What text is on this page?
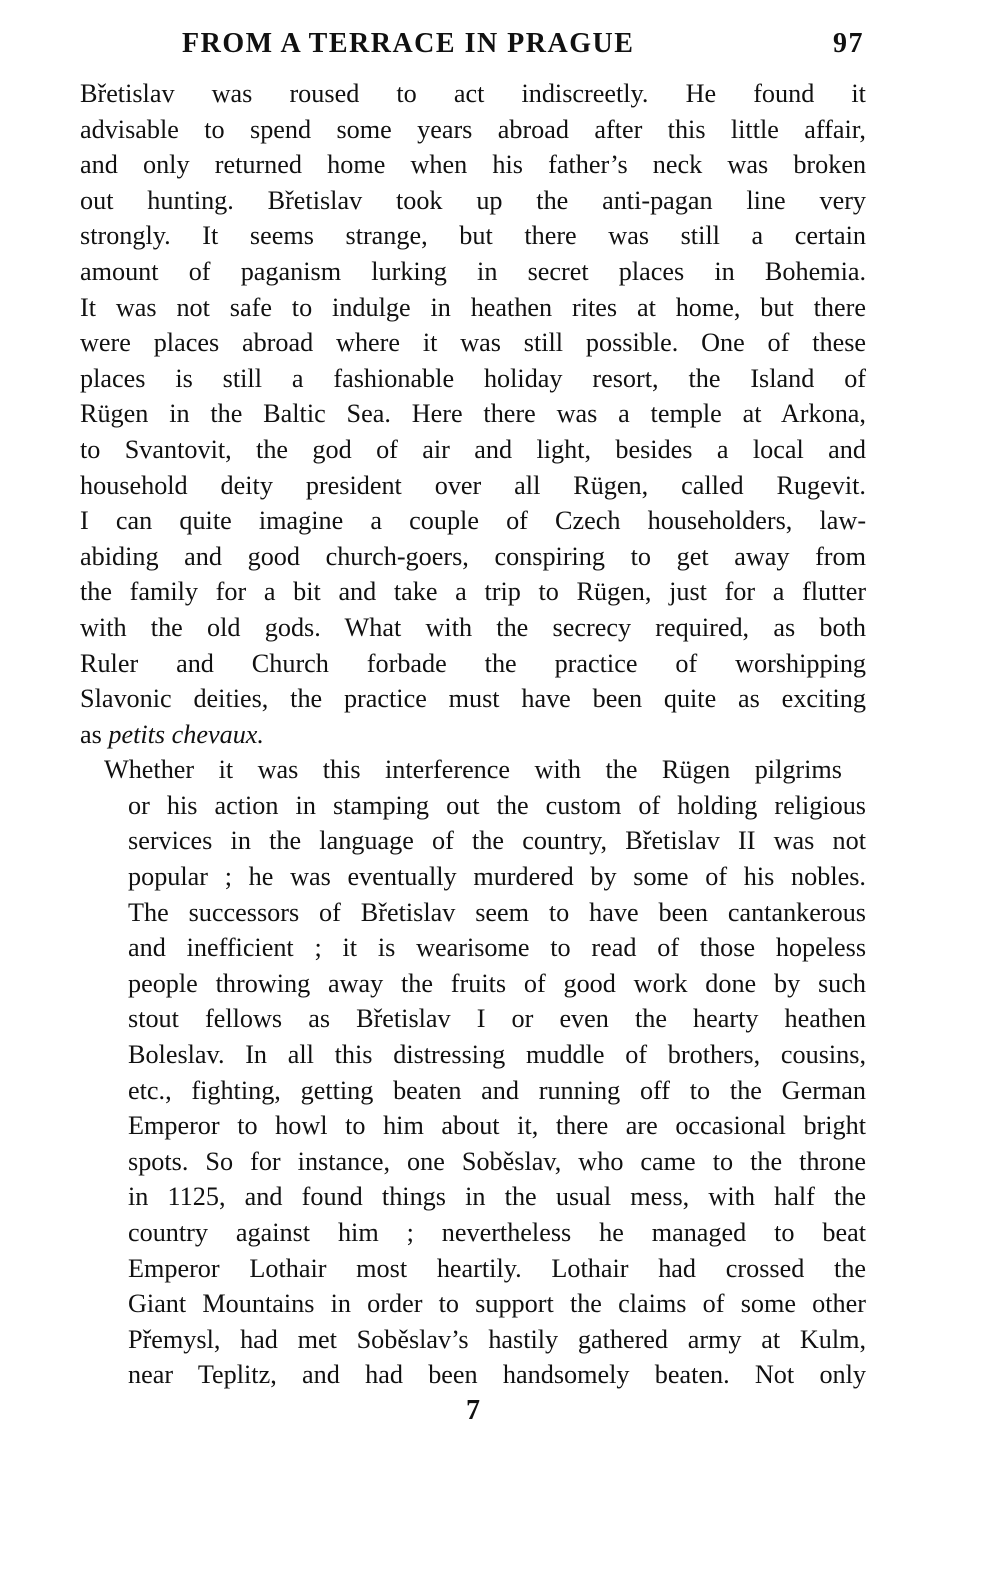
FROM A TERRACE IN PRAGUE	97

Břetislav was roused to act indiscreetly. He found it
advisable to spend some years abroad after this little affair,
and only returned home when his father’s neck was broken
out hunting. Břetislav took up the anti-pagan line very
strongly. It seems strange, but there was still a certain
amount of paganism lurking in secret places in Bohemia.
It was not safe to indulge in heathen rites at home, but there
were places abroad where it was still possible. One of these
places is still a fashionable holiday resort, the Island of
Rügen in the Baltic Sea. Here there was a temple at Arkona,
to Svantovit, the god of air and light, besides a local and
household deity president over all Rügen, called Rugevit.
I can quite imagine a couple of Czech householders, law-
abiding and good church-goers, conspiring to get away from
the family for a bit and take a trip to Rügen, just for a flutter
with the old gods. What with the secrecy required, as both
Ruler and Church forbade the practice of worshipping
Slavonic deities, the practice must have been quite as exciting
as petits chevaux.

Whether it was this interference with the Rügen pilgrims
or his action in stamping out the custom of holding religious
services in the language of the country, Břetislav II was not
popular ; he was eventually murdered by some of his nobles.
The successors of Břetislav seem to have been cantankerous
and inefficient ; it is wearisome to read of those hopeless
people throwing away the fruits of good work done by such
stout fellows as Břetislav I or even the hearty heathen
Boleslav. In all this distressing muddle of brothers, cousins,
etc., fighting, getting beaten and running off to the German
Emperor to howl to him about it, there are occasional bright
spots. So for instance, one Soběslav, who came to the throne
in 1125, and found things in the usual mess, with half the
country against him ; nevertheless he managed to beat
Emperor Lothair most heartily. Lothair had crossed the
Giant Mountains in order to support the claims of some other
Přemysl, had met Soběslav’s hastily gathered army at Kulm,
near Teplitz, and had been handsomely beaten. Not only

7
